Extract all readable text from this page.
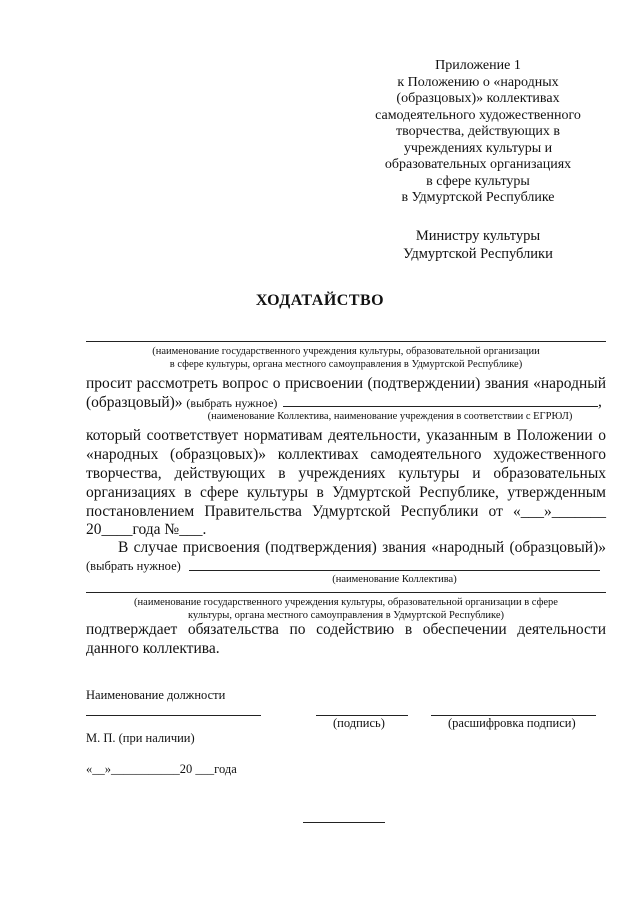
Приложение 1
к Положению о «народных
(образцовых)» коллективах
самодеятельного художественного
творчества, действующих в
учреждениях культуры и
образовательных организациях
в сфере культуры
в Удмуртской Республике
Министру культуры
Удмуртской Республики
ХОДАТАЙСТВО
(наименование государственного учреждения культуры, образовательной организации
в сфере культуры, органа местного самоуправления в Удмуртской Республике)
просит рассмотреть вопрос о присвоении (подтверждении) звания «народный
(образцовый)» (выбрать нужное)	,
(наименование Коллектива, наименование учреждения в соответствии с ЕГРЮЛ)
который соответствует нормативам деятельности, указанным в Положении о
«народных (образцовых)» коллективах самодеятельного художественного
творчества, действующих в учреждениях культуры и образовательных
организациях в сфере культуры в Удмуртской Республике, утвержденным
постановлением Правительства Удмуртской Республики от «___»_______
20____года №___.
В случае присвоения (подтверждения) звания «народный (образцовый)»
(выбрать нужное)
(наименование Коллектива)
(наименование государственного учреждения культуры, образовательной организации в сфере
культуры, органа местного самоуправления в Удмуртской Республике)
подтверждает обязательства по содействию в обеспечении деятельности
данного коллектива.
Наименование должности
(подпись)	(расшифровка подписи)
М. П. (при наличии)
«__»___________20 ___года
